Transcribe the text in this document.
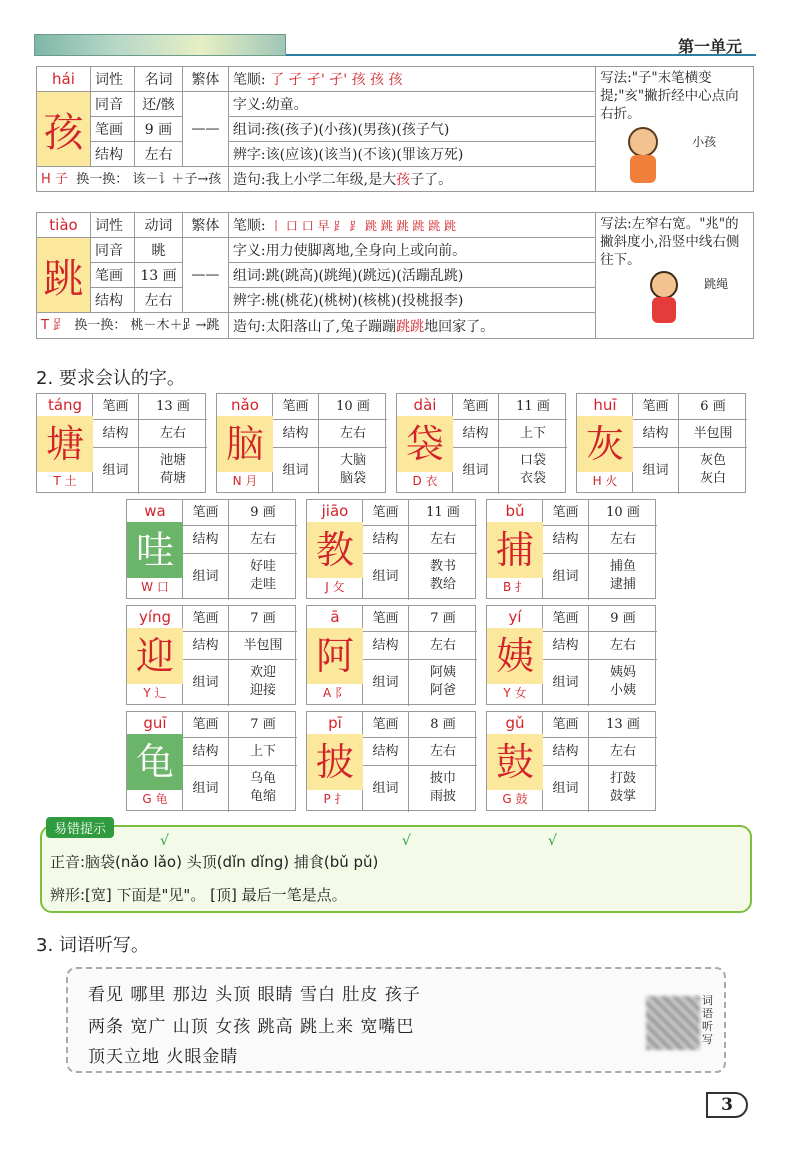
第一单元
hái	词性	名词	繁体	笔顺: 了 孑 孑' 孑' 孩 孩 孩	写法:"子"末笔横变提;"亥"撇折经中心点向右折。
小孩

孩	同音	还/骸	——	字义:幼童。	
	笔画	9 画		组词:孩(孩子)(小孩)(男孩)(孩子气)	
	结构	左右		辨字:该(应该)(该当)(不该)(罪该万死)	
H 子 换一换： 该－讠＋子→孩				造句:我上小学二年级,是大孩子了。	
tiào	词性	动词	繁体	笔顺: 丨 口 口 早 ⻊ ⻊ 跳 跳 跳 跳 跳 跳	写法:左窄右宽。"兆"的撇斜度小,沿竖中线右侧往下。
跳绳

跳	同音	眺	——	字义:用力使脚离地,全身向上或向前。	
	笔画	13 画		组词:跳(跳高)(跳绳)(跳远)(活蹦乱跳)	
	结构	左右		辨字:桃(桃花)(桃树)(核桃)(投桃报李)	
T 𧾷 换一换： 桃－木＋𧾷→跳				造句:太阳落山了,兔子蹦蹦跳跳地回家了。	
2. 要求会认的字。
táng
塘
T 土
笔画	13 画
结构	左右
组词
池塘
荷塘
nǎo
脑
N 月
笔画	10 画
结构	左右
组词
大脑
脑袋
dài
袋
D 衣
笔画	11 画
结构	上下
组词
口袋
衣袋
huī
灰
H 火
笔画	6 画
结构	半包围
组词
灰色
灰白
wa
哇
W 口
笔画	9 画
结构	左右
组词
好哇
走哇
jiāo
教
J 攵
笔画	11 画
结构	左右
组词
教书
教给
bǔ
捕
B 扌
笔画	10 画
结构	左右
组词
捕鱼
逮捕
yíng
迎
Y 辶
笔画	7 画
结构	半包围
组词
欢迎
迎接
ā
阿
A 阝
笔画	7 画
结构	左右
组词
阿姨
阿爸
yí
姨
Y 女
笔画	9 画
结构	左右
组词
姨妈
小姨
guī
龟
G 龟
笔画	7 画
结构	上下
组词
乌龟
龟缩
pī
披
P 扌
笔画	8 画
结构	左右
组词
披巾
雨披
gǔ
鼓
G 鼓
笔画	13 画
结构	左右
组词
打鼓
鼓掌
易错提示
正音:脑袋(nǎo lǎo) 头顶(dǐn dǐng) 捕食(bǔ pǔ)
√	√	√
辨形:[宽] 下面是"见"。 [顶] 最后一笔是点。
3. 词语听写。
看见 哪里 那边 头顶 眼睛 雪白 肚皮 孩子
两条 宽广 山顶 女孩 跳高 跳上来 宽嘴巴
顶天立地 火眼金睛
词语听写
3
